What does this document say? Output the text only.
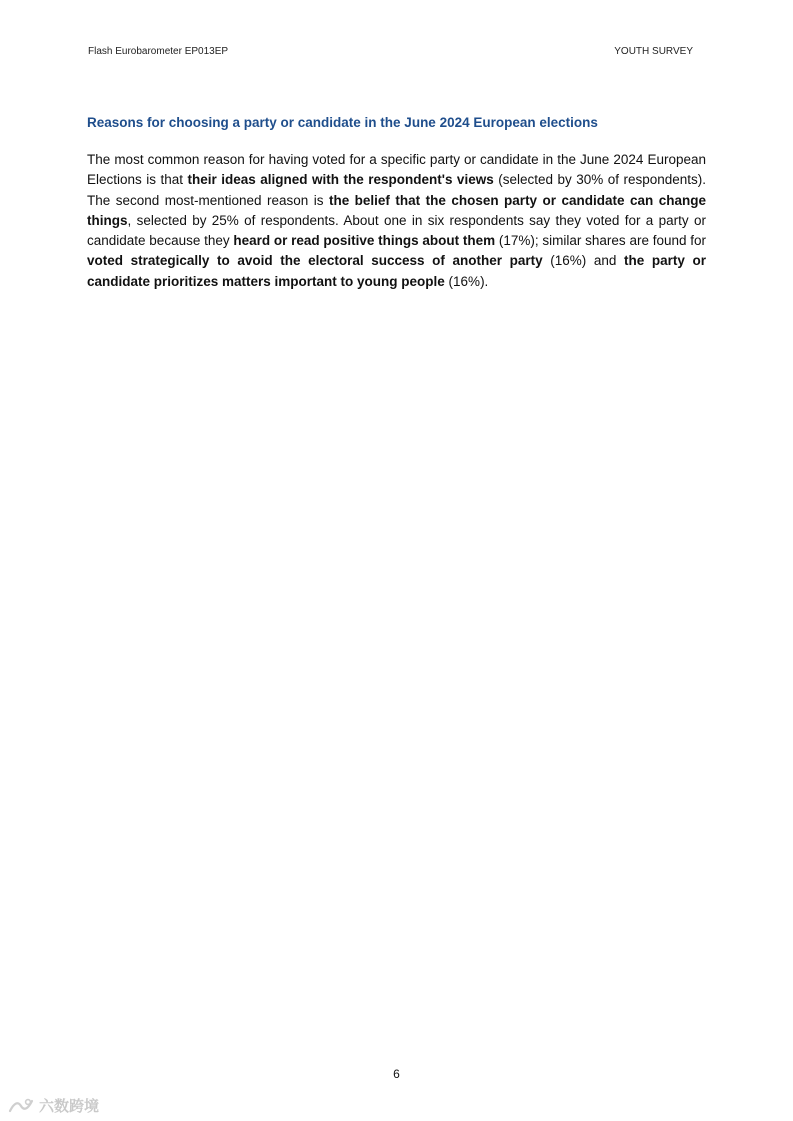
Flash Eurobarometer EP013EP	YOUTH SURVEY
Reasons for choosing a party or candidate in the June 2024 European elections

The most common reason for having voted for a specific party or candidate in the June 2024 European Elections is that their ideas aligned with the respondent's views (selected by 30% of respondents). The second most-mentioned reason is the belief that the chosen party or candidate can change things, selected by 25% of respondents. About one in six respondents say they voted for a party or candidate because they heard or read positive things about them (17%); similar shares are found for voted strategically to avoid the electoral success of another party (16%) and the party or candidate prioritizes matters important to young people (16%).

6
六数跨境
